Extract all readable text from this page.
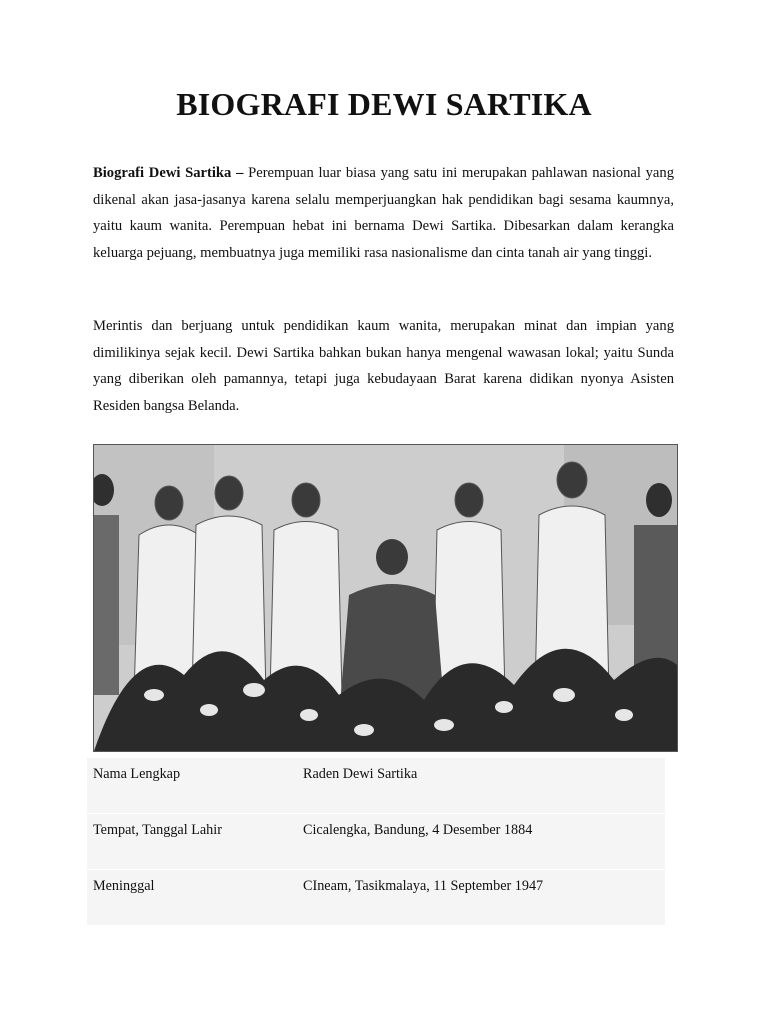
BIOGRAFI DEWI SARTIKA

Biografi Dewi Sartika – Perempuan luar biasa yang satu ini merupakan pahlawan nasional yang dikenal akan jasa-jasanya karena selalu memperjuangkan hak pendidikan bagi sesama kaumnya, yaitu kaum wanita. Perempuan hebat ini bernama Dewi Sartika. Dibesarkan dalam kerangka keluarga pejuang, membuatnya juga memiliki rasa nasionalisme dan cinta tanah air yang tinggi.

Merintis dan berjuang untuk pendidikan kaum wanita, merupakan minat dan impian yang dimilikinya sejak kecil. Dewi Sartika bahkan bukan hanya mengenal wawasan lokal; yaitu Sunda yang diberikan oleh pamannya, tetapi juga kebudayaan Barat karena didikan nyonya Asisten Residen bangsa Belanda.

Nama Lengkap	Raden Dewi Sartika
Tempat, Tanggal Lahir	Cicalengka, Bandung, 4 Desember 1884
Meninggal	CIneam, Tasikmalaya, 11 September 1947
